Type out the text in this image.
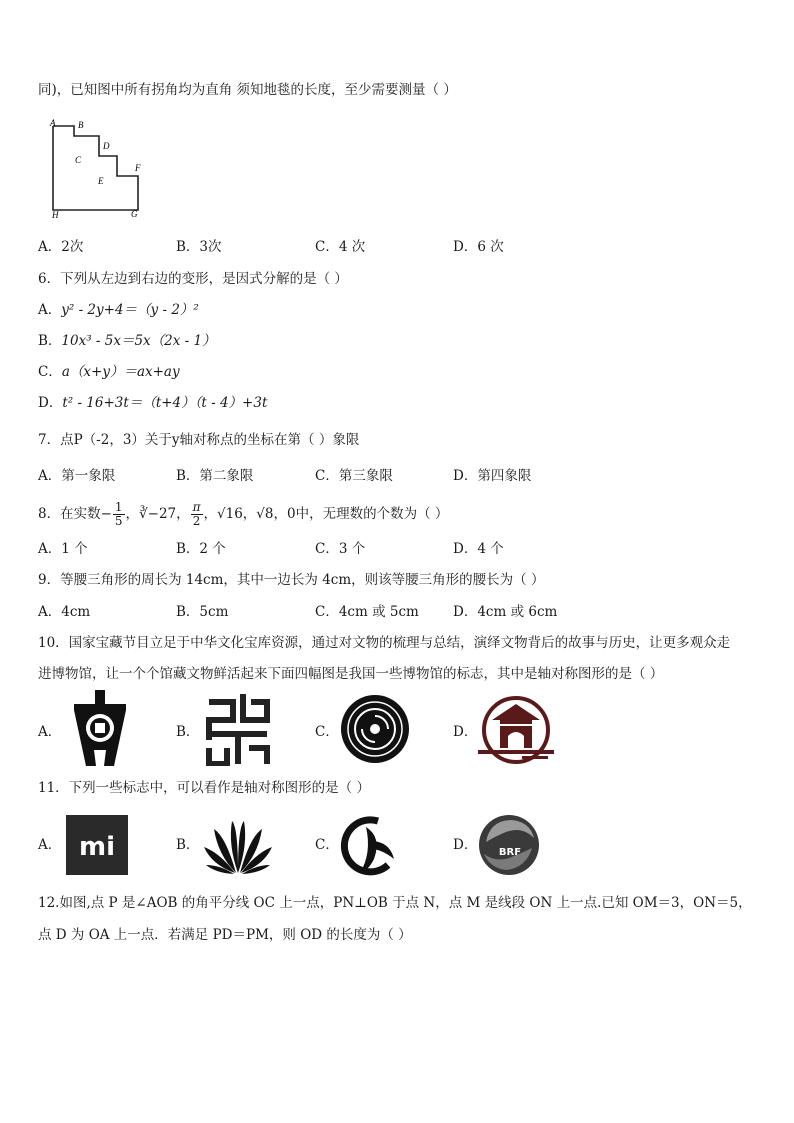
同)，已知图中所有拐角均为直角 须知地毯的长度，至少需要测量（ ）
A	B
C
D
E
F
G
H
A．2次	B．3次	C．4 次	D．6 次
6．下列从左边到右边的变形，是因式分解的是（ ）
A．y² - 2y+4＝（y - 2）²
B．10x³ - 5x＝5x（2x - 1）
C．a（x+y）＝ax+ay
D．t² - 16+3t＝（t+4）（t - 4）+3t
7．点P（-2，3）关于y轴对称点的坐标在第（ ）象限
A．第一象限	B．第二象限	C．第三象限	D．第四象限
8．在实数− $\frac{1}{5}$ ，∛−27， $\frac{\pi}{2}$ ，√16，√8，0中，无理数的个数为（ ）
A．1 个	B．2 个	C．3 个	D．4 个
9．等腰三角形的周长为 14cm，其中一边长为 4cm，则该等腰三角形的腰长为（ ）
A．4cm	B．5cm	C．4cm 或 5cm	D．4cm 或 6cm
10．国家宝藏节目立足于中华文化宝库资源，通过对文物的梳理与总结，演绎文物背后的故事与历史，让更多观众走
进博物馆，让一个个馆藏文物鲜活起来下面四幅图是我国一些博物馆的标志，其中是轴对称图形的是（ ）
A．	B．	C．	D．
11．下列一些标志中，可以看作是轴对称图形的是（ ）
A． mi	B．	C．	D． BRF
12.如图,点 P 是∠AOB 的角平分线 OC 上一点，PN⊥OB 于点 N，点 M 是线段 ON 上一点.已知 OM＝3，ON＝5，
点 D 为 OA 上一点．若满足 PD＝PM，则 OD 的长度为（ ）
